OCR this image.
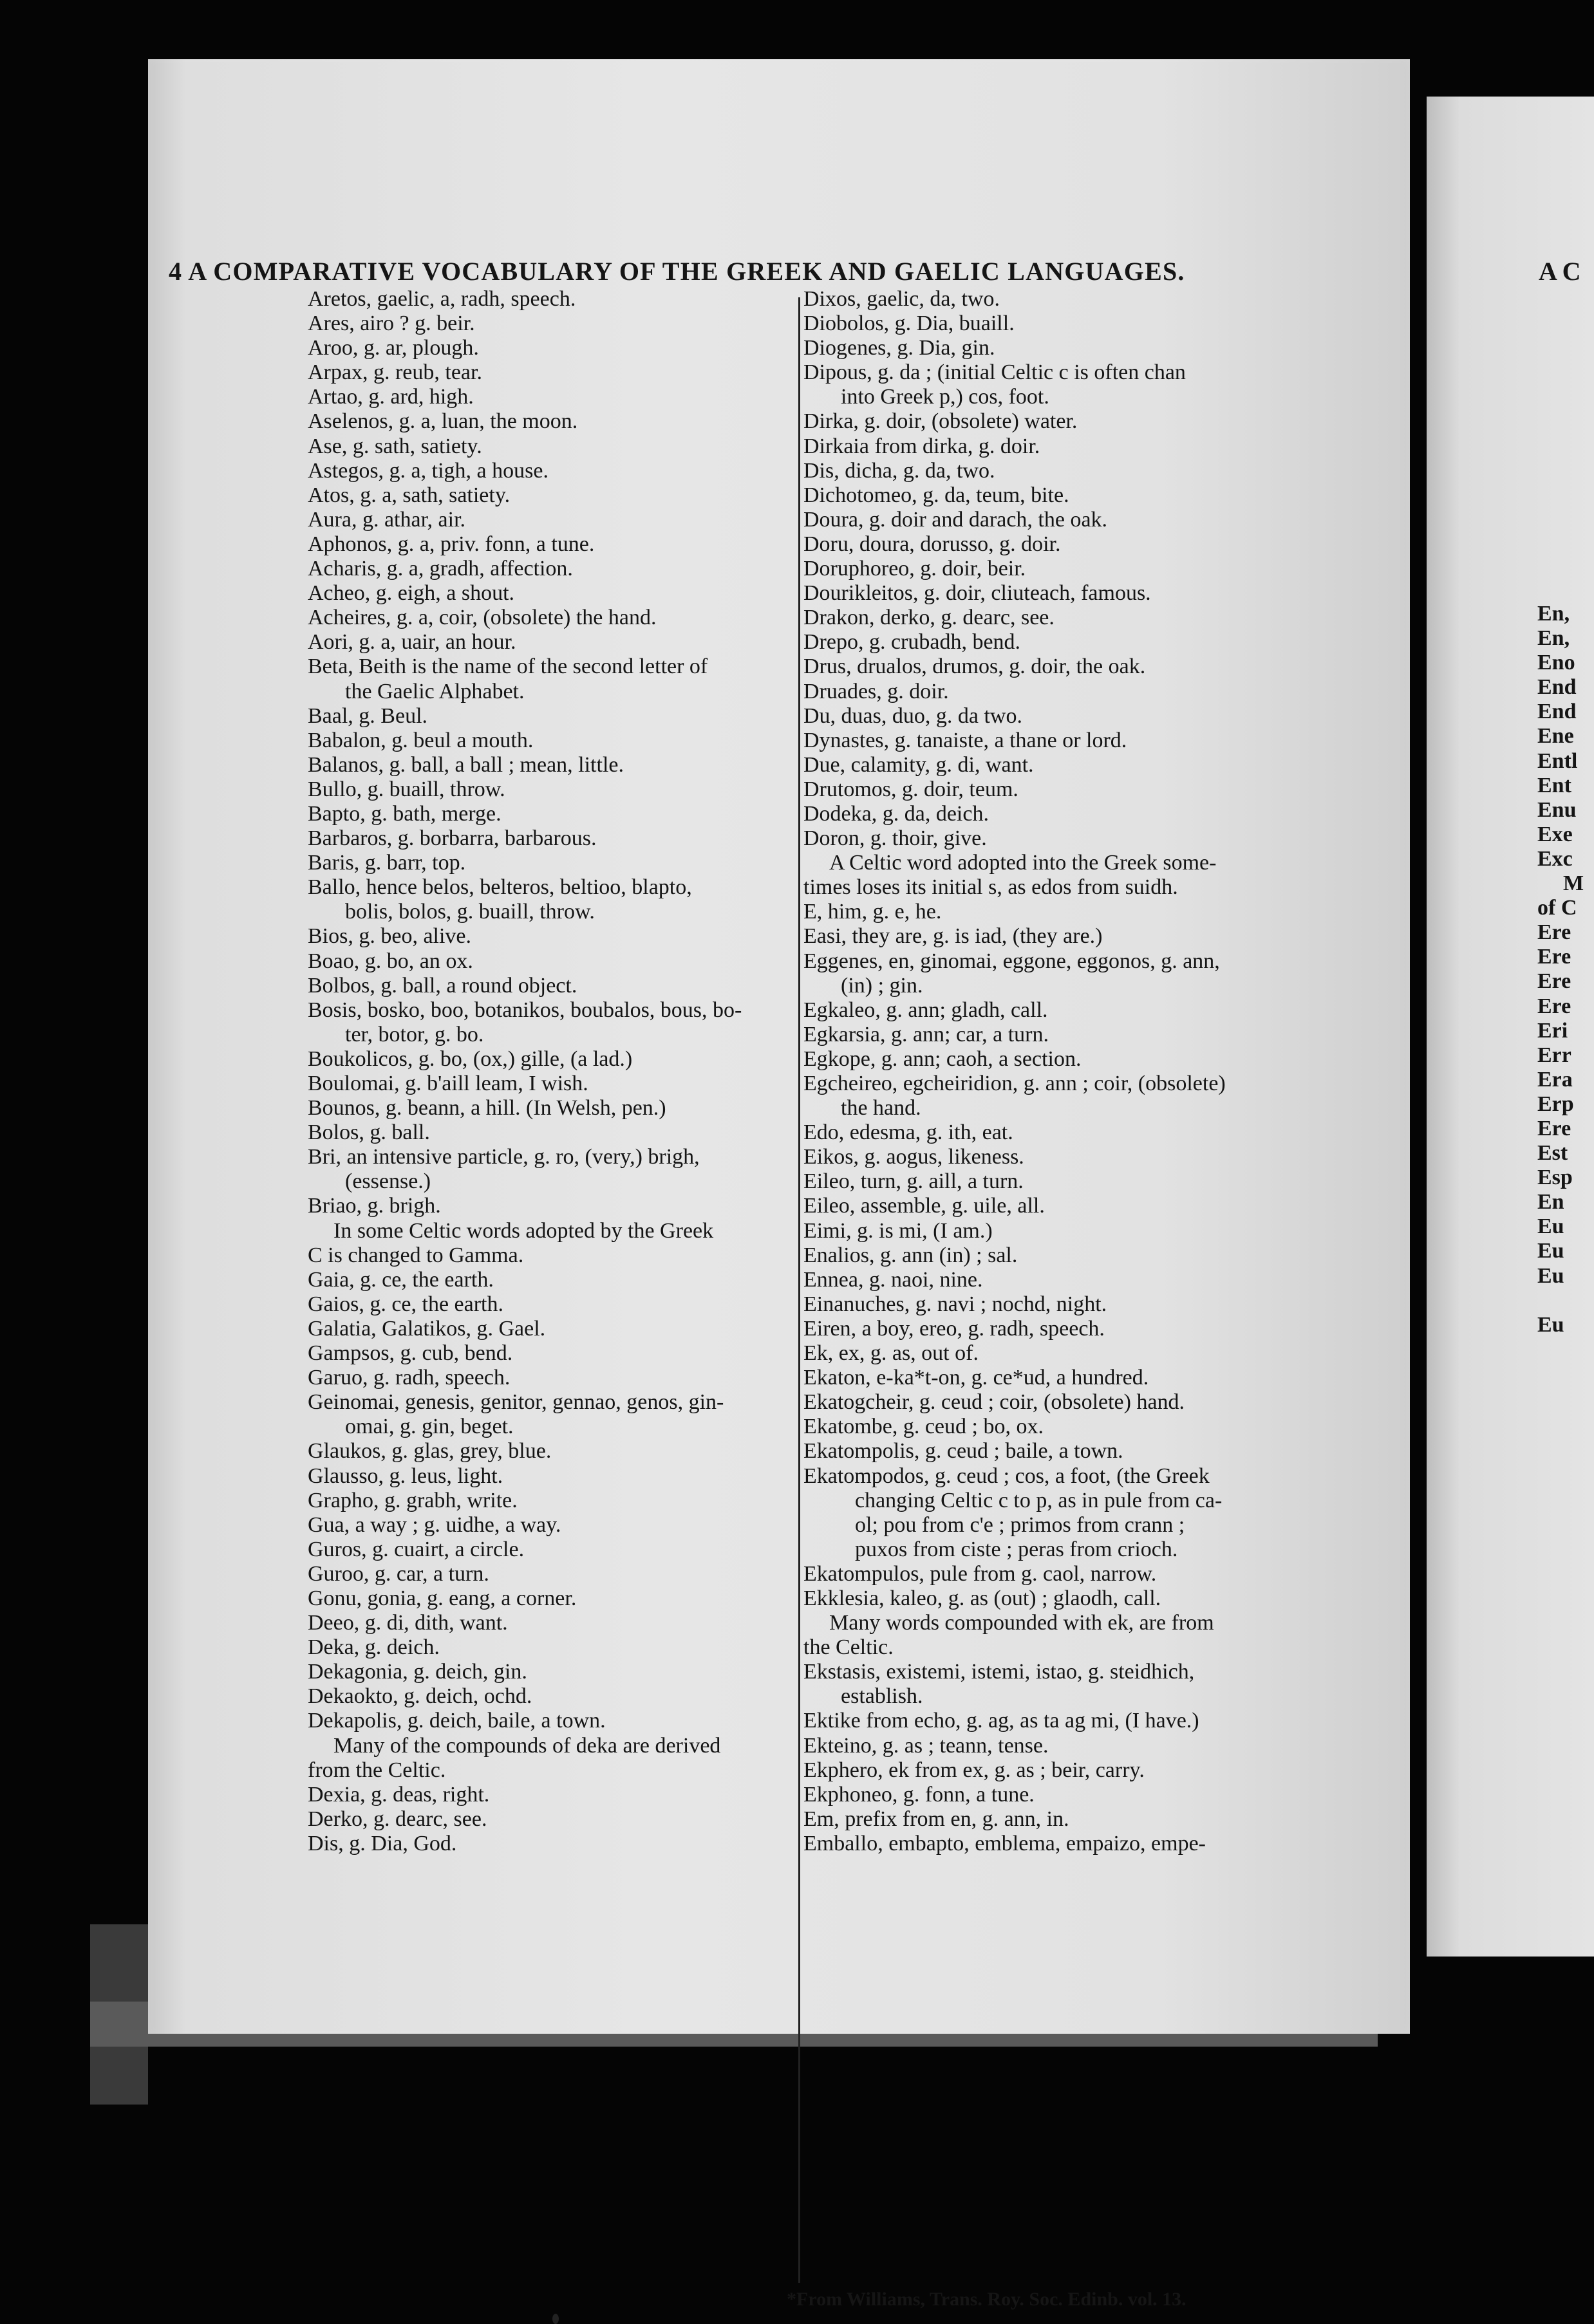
4 A COMPARATIVE VOCABULARY OF THE GREEK AND GAELIC LANGUAGES.	A C
Aretos, gaelic, a, radh, speech.
Ares, airo ? g. beir.
Aroo, g. ar, plough.
Arpax, g. reub, tear.
Artao, g. ard, high.
Aselenos, g. a, luan, the moon.
Ase, g. sath, satiety.
Astegos, g. a, tigh, a house.
Atos, g. a, sath, satiety.
Aura, g. athar, air.
Aphonos, g. a, priv. fonn, a tune.
Acharis, g. a, gradh, affection.
Acheo, g. eigh, a shout.
Acheires, g. a, coir, (obsolete) the hand.
Aori, g. a, uair, an hour.
Beta, Beith is the name of the second letter of
the Gaelic Alphabet.
Baal, g. Beul.
Babalon, g. beul a mouth.
Balanos, g. ball, a ball ; mean, little.
Bullo, g. buaill, throw.
Bapto, g. bath, merge.
Barbaros, g. borbarra, barbarous.
Baris, g. barr, top.
Ballo, hence belos, belteros, beltioo, blapto,
bolis, bolos, g. buaill, throw.
Bios, g. beo, alive.
Boao, g. bo, an ox.
Bolbos, g. ball, a round object.
Bosis, bosko, boo, botanikos, boubalos, bous, bo-
ter, botor, g. bo.
Boukolicos, g. bo, (ox,) gille, (a lad.)
Boulomai, g. b'aill leam, I wish.
Bounos, g. beann, a hill. (In Welsh, pen.)
Bolos, g. ball.
Bri, an intensive particle, g. ro, (very,) brigh,
(essense.)
Briao, g. brigh.
In some Celtic words adopted by the Greek
C is changed to Gamma.
Gaia, g. ce, the earth.
Gaios, g. ce, the earth.
Galatia, Galatikos, g. Gael.
Gampsos, g. cub, bend.
Garuo, g. radh, speech.
Geinomai, genesis, genitor, gennao, genos, gin-
omai, g. gin, beget.
Glaukos, g. glas, grey, blue.
Glausso, g. leus, light.
Grapho, g. grabh, write.
Gua, a way ; g. uidhe, a way.
Guros, g. cuairt, a circle.
Guroo, g. car, a turn.
Gonu, gonia, g. eang, a corner.
Deeo, g. di, dith, want.
Deka, g. deich.
Dekagonia, g. deich, gin.
Dekaokto, g. deich, ochd.
Dekapolis, g. deich, baile, a town.
Many of the compounds of deka are derived
from the Celtic.
Dexia, g. deas, right.
Derko, g. dearc, see.
Dis, g. Dia, God.
Dixos, gaelic, da, two.
Diobolos, g. Dia, buaill.
Diogenes, g. Dia, gin.
Dipous, g. da ; (initial Celtic c is often chan
into Greek p,) cos, foot.
Dirka, g. doir, (obsolete) water.
Dirkaia from dirka, g. doir.
Dis, dicha, g. da, two.
Dichotomeo, g. da, teum, bite.
Doura, g. doir and darach, the oak.
Doru, doura, dorusso, g. doir.
Doruphoreo, g. doir, beir.
Dourikleitos, g. doir, cliuteach, famous.
Drakon, derko, g. dearc, see.
Drepo, g. crubadh, bend.
Drus, drualos, drumos, g. doir, the oak.
Druades, g. doir.
Du, duas, duo, g. da two.
Dynastes, g. tanaiste, a thane or lord.
Due, calamity, g. di, want.
Drutomos, g. doir, teum.
Dodeka, g. da, deich.
Doron, g. thoir, give.
A Celtic word adopted into the Greek some-
times loses its initial s, as edos from suidh.
E, him, g. e, he.
Easi, they are, g. is iad, (they are.)
Eggenes, en, ginomai, eggone, eggonos, g. ann,
(in) ; gin.
Egkaleo, g. ann; gladh, call.
Egkarsia, g. ann; car, a turn.
Egkope, g. ann; caoh, a section.
Egcheireo, egcheiridion, g. ann ; coir, (obsolete)
the hand.
Edo, edesma, g. ith, eat.
Eikos, g. aogus, likeness.
Eileo, turn, g. aill, a turn.
Eileo, assemble, g. uile, all.
Eimi, g. is mi, (I am.)
Enalios, g. ann (in) ; sal.
Ennea, g. naoi, nine.
Einanuches, g. navi ; nochd, night.
Eiren, a boy, ereo, g. radh, speech.
Ek, ex, g. as, out of.
Ekaton, e-ka*t-on, g. ce*ud, a hundred.
Ekatogcheir, g. ceud ; coir, (obsolete) hand.
Ekatombe, g. ceud ; bo, ox.
Ekatompolis, g. ceud ; baile, a town.
Ekatompodos, g. ceud ; cos, a foot, (the Greek
changing Celtic c to p, as in pule from ca-
ol; pou from c'e ; primos from crann ;
puxos from ciste ; peras from crioch.
Ekatompulos, pule from g. caol, narrow.
Ekklesia, kaleo, g. as (out) ; glaodh, call.
Many words compounded with ek, are from
the Celtic.
Ekstasis, existemi, istemi, istao, g. steidhich,
establish.
Ektike from echo, g. ag, as ta ag mi, (I have.)
Ekteino, g. as ; teann, tense.
Ekphero, ek from ex, g. as ; beir, carry.
Ekphoneo, g. fonn, a tune.
Em, prefix from en, g. ann, in.
Emballo, embapto, emblema, empaizo, empe-
*From Williams, Trans. Roy. Soc. Edinb. vol. 13.
En,
En,
Eno
End
End
Ene
Entl
Ent
Enu
Exe
Exc
M
of C
Ere
Ere
Ere
Ere
Eri
Err
Era
Erp
Ere
Est
Esp
En
Eu
Eu
Eu

Eu
